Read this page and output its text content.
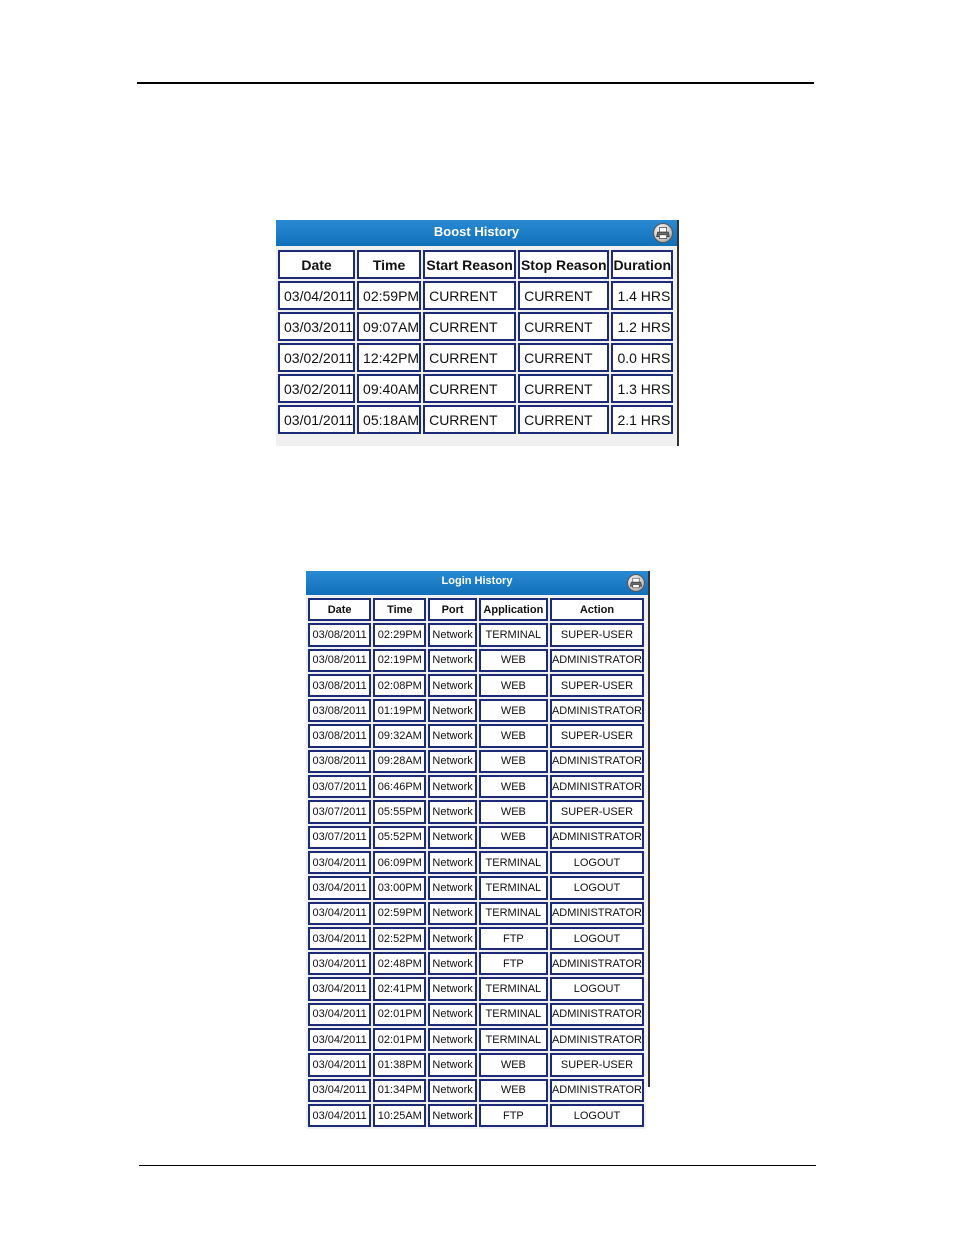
Boost History
Date	Time	Start Reason	Stop Reason	Duration
03/04/2011	02:59PM	CURRENT	CURRENT	1.4 HRS
03/03/2011	09:07AM	CURRENT	CURRENT	1.2 HRS
03/02/2011	12:42PM	CURRENT	CURRENT	0.0 HRS
03/02/2011	09:40AM	CURRENT	CURRENT	1.3 HRS
03/01/2011	05:18AM	CURRENT	CURRENT	2.1 HRS
Login History
Date	Time	Port	Application	Action
03/08/2011	02:29PM	Network	TERMINAL	SUPER-USER
03/08/2011	02:19PM	Network	WEB	ADMINISTRATOR
03/08/2011	02:08PM	Network	WEB	SUPER-USER
03/08/2011	01:19PM	Network	WEB	ADMINISTRATOR
03/08/2011	09:32AM	Network	WEB	SUPER-USER
03/08/2011	09:28AM	Network	WEB	ADMINISTRATOR
03/07/2011	06:46PM	Network	WEB	ADMINISTRATOR
03/07/2011	05:55PM	Network	WEB	SUPER-USER
03/07/2011	05:52PM	Network	WEB	ADMINISTRATOR
03/04/2011	06:09PM	Network	TERMINAL	LOGOUT
03/04/2011	03:00PM	Network	TERMINAL	LOGOUT
03/04/2011	02:59PM	Network	TERMINAL	ADMINISTRATOR
03/04/2011	02:52PM	Network	FTP	LOGOUT
03/04/2011	02:48PM	Network	FTP	ADMINISTRATOR
03/04/2011	02:41PM	Network	TERMINAL	LOGOUT
03/04/2011	02:01PM	Network	TERMINAL	ADMINISTRATOR
03/04/2011	02:01PM	Network	TERMINAL	ADMINISTRATOR
03/04/2011	01:38PM	Network	WEB	SUPER-USER
03/04/2011	01:34PM	Network	WEB	ADMINISTRATOR
03/04/2011	10:25AM	Network	FTP	LOGOUT
